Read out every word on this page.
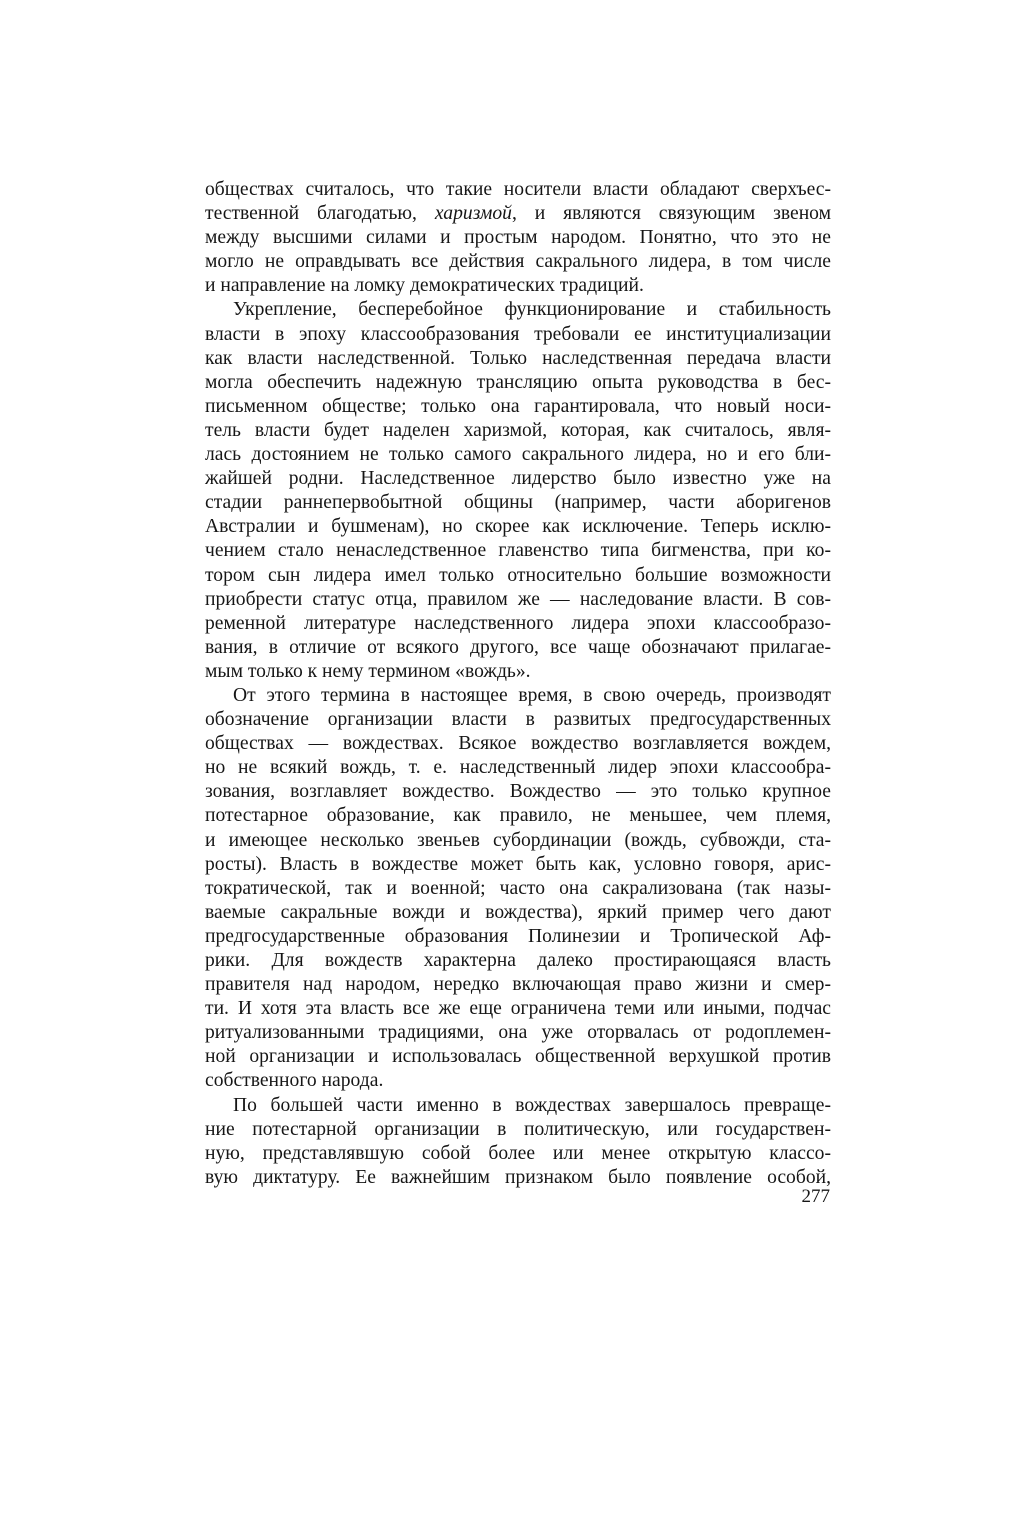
обществах считалось, что такие носители власти обладают сверхъес-
тественной благодатью, харизмой, и являются связующим звеном
между высшими силами и простым народом. Понятно, что это не
могло не оправдывать все действия сакрального лидера, в том числе
и направление на ломку демократических традиций.
Укрепление, бесперебойное функционирование и стабильность
власти в эпоху классообразования требовали ее институциализации
как власти наследственной. Только наследственная передача власти
могла обеспечить надежную трансляцию опыта руководства в бес-
письменном обществе; только она гарантировала, что новый носи-
тель власти будет наделен харизмой, которая, как считалось, явля-
лась достоянием не только самого сакрального лидера, но и его бли-
жайшей родни. Наследственное лидерство было известно уже на
стадии раннепервобытной общины (например, части аборигенов
Австралии и бушменам), но скорее как исключение. Теперь исклю-
чением стало ненаследственное главенство типа бигменства, при ко-
тором сын лидера имел только относительно большие возможности
приобрести статус отца, правилом же — наследование власти. В сов-
ременной литературе наследственного лидера эпохи классообразо-
вания, в отличие от всякого другого, все чаще обозначают прилагае-
мым только к нему термином «вождь».
От этого термина в настоящее время, в свою очередь, производят
обозначение организации власти в развитых предгосударственных
обществах — вождествах. Всякое вождество возглавляется вождем,
но не всякий вождь, т. е. наследственный лидер эпохи классообра-
зования, возглавляет вождество. Вождество — это только крупное
потестарное образование, как правило, не меньшее, чем племя,
и имеющее несколько звеньев субординации (вождь, субвожди, ста-
росты). Власть в вождестве может быть как, условно говоря, арис-
тократической, так и военной; часто она сакрализована (так назы-
ваемые сакральные вожди и вождества), яркий пример чего дают
предгосударственные образования Полинезии и Тропической Аф-
рики. Для вождеств характерна далеко простирающаяся власть
правителя над народом, нередко включающая право жизни и смер-
ти. И хотя эта власть все же еще ограничена теми или иными, подчас
ритуализованными традициями, она уже оторвалась от родоплемен-
ной организации и использовалась общественной верхушкой против
собственного народа.
По большей части именно в вождествах завершалось превраще-
ние потестарной организации в политическую, или государствен-
ную, представлявшую собой более или менее открытую классо-
вую диктатуру. Ее важнейшим признаком было появление особой,
277
